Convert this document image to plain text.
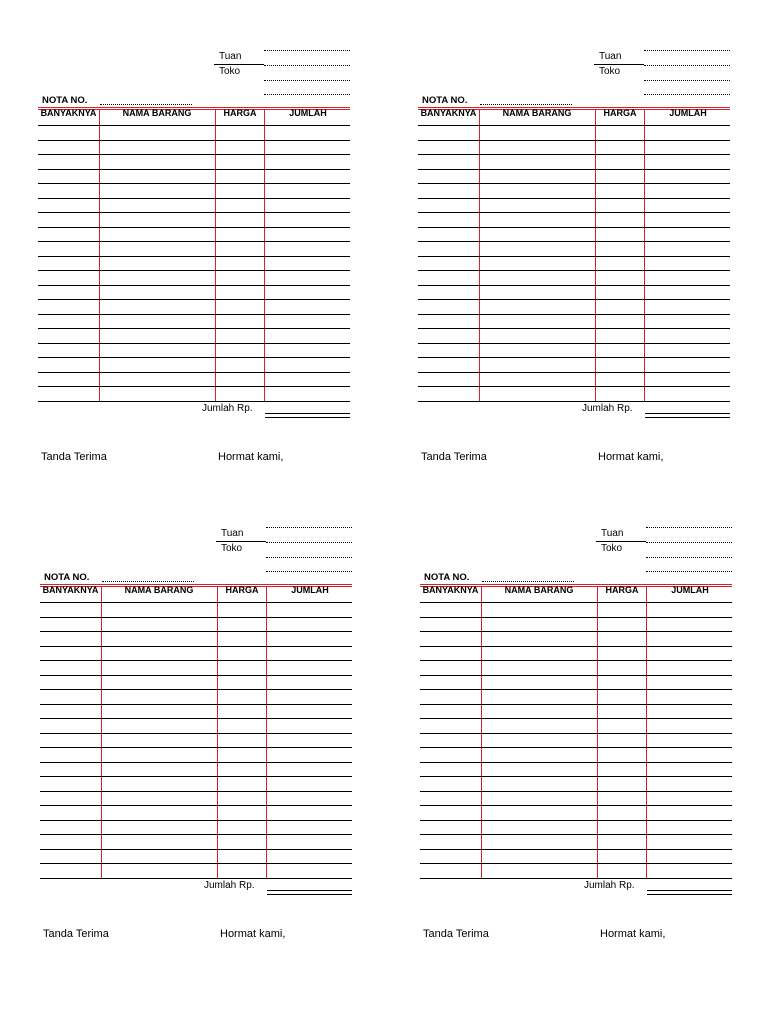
Tuan
Toko
NOTA NO.
BANYAKNYA	NAMA BARANG	HARGA	JUMLAH
Jumlah Rp.
Tanda Terima	Hormat kami,
Tuan
Toko
NOTA NO.
BANYAKNYA	NAMA BARANG	HARGA	JUMLAH
Jumlah Rp.
Tanda Terima	Hormat kami,
Tuan
Toko
NOTA NO.
BANYAKNYA	NAMA BARANG	HARGA	JUMLAH
Jumlah Rp.
Tanda Terima	Hormat kami,
Tuan
Toko
NOTA NO.
BANYAKNYA	NAMA BARANG	HARGA	JUMLAH
Jumlah Rp.
Tanda Terima	Hormat kami,
